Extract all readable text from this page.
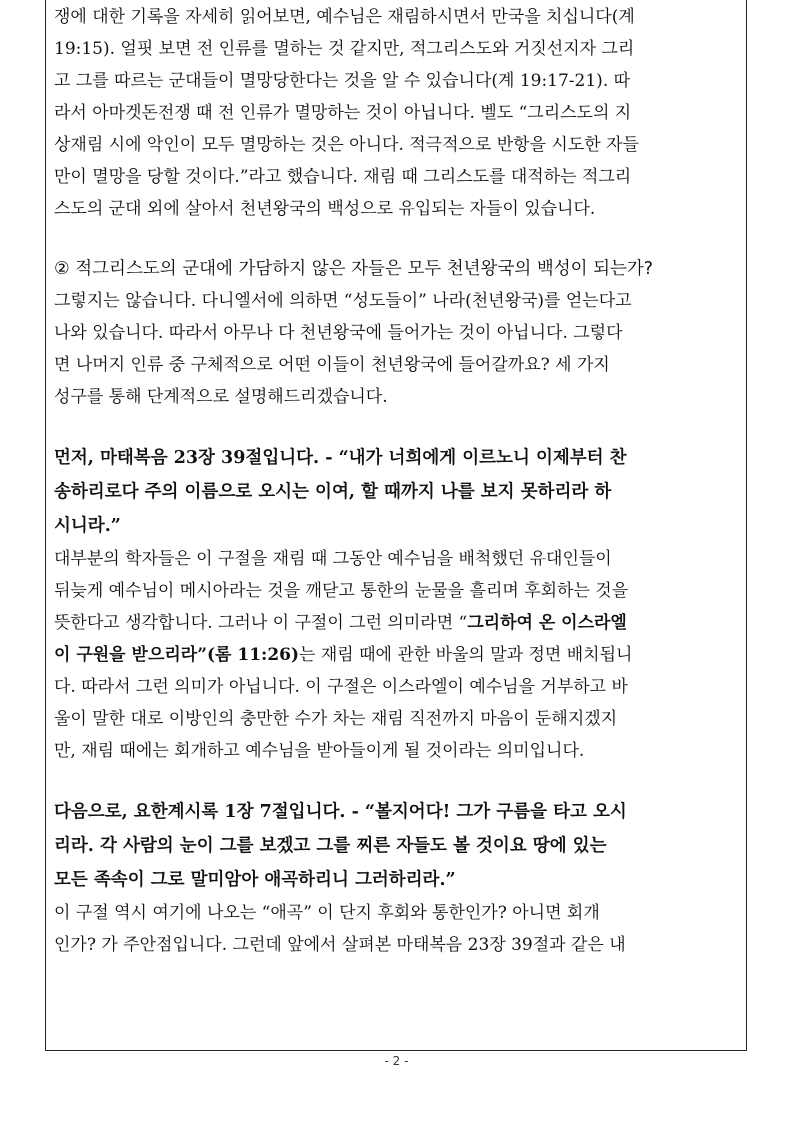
쟁에 대한 기록을 자세히 읽어보면, 예수님은 재림하시면서 만국을 치십니다(계
19:15). 얼핏 보면 전 인류를 멸하는 것 같지만, 적그리스도와 거짓선지자 그리
고 그를 따르는 군대들이 멸망당한다는 것을 알 수 있습니다(계 19:17-21). 따
라서 아마겟돈전쟁 때 전 인류가 멸망하는 것이 아닙니다. 벨도 “그리스도의 지
상재림 시에 악인이 모두 멸망하는 것은 아니다. 적극적으로 반항을 시도한 자들
만이 멸망을 당할 것이다.”라고 했습니다. 재림 때 그리스도를 대적하는 적그리
스도의 군대 외에 살아서 천년왕국의 백성으로 유입되는 자들이 있습니다.
② 적그리스도의 군대에 가담하지 않은 자들은 모두 천년왕국의 백성이 되는가?
그렇지는 않습니다. 다니엘서에 의하면 “성도들이” 나라(천년왕국)를 얻는다고
나와 있습니다. 따라서 아무나 다 천년왕국에 들어가는 것이 아닙니다. 그렇다
면 나머지 인류 중 구체적으로 어떤 이들이 천년왕국에 들어갈까요? 세 가지
성구를 통해 단계적으로 설명해드리겠습니다.
먼저, 마태복음 23장 39절입니다. - “내가 너희에게 이르노니 이제부터 찬
송하리로다 주의 이름으로 오시는 이여, 할 때까지 나를 보지 못하리라 하
시니라.”
대부분의 학자들은 이 구절을 재림 때 그동안 예수님을 배척했던 유대인들이
뒤늦게 예수님이 메시아라는 것을 깨닫고 통한의 눈물을 흘리며 후회하는 것을
뜻한다고 생각합니다. 그러나 이 구절이 그런 의미라면 “그리하여 온 이스라엘
이 구원을 받으리라”(롬 11:26)는 재림 때에 관한 바울의 말과 정면 배치됩니
다. 따라서 그런 의미가 아닙니다. 이 구절은 이스라엘이 예수님을 거부하고 바
울이 말한 대로 이방인의 충만한 수가 차는 재림 직전까지 마음이 둔해지겠지
만, 재림 때에는 회개하고 예수님을 받아들이게 될 것이라는 의미입니다.
다음으로, 요한계시록 1장 7절입니다. - “볼지어다! 그가 구름을 타고 오시
리라. 각 사람의 눈이 그를 보겠고 그를 찌른 자들도 볼 것이요 땅에 있는
모든 족속이 그로 말미암아 애곡하리니 그러하리라.”
이 구절 역시 여기에 나오는 “애곡” 이 단지 후회와 통한인가? 아니면 회개
인가? 가 주안점입니다. 그런데 앞에서 살펴본 마태복음 23장 39절과 같은 내
- 2 -
